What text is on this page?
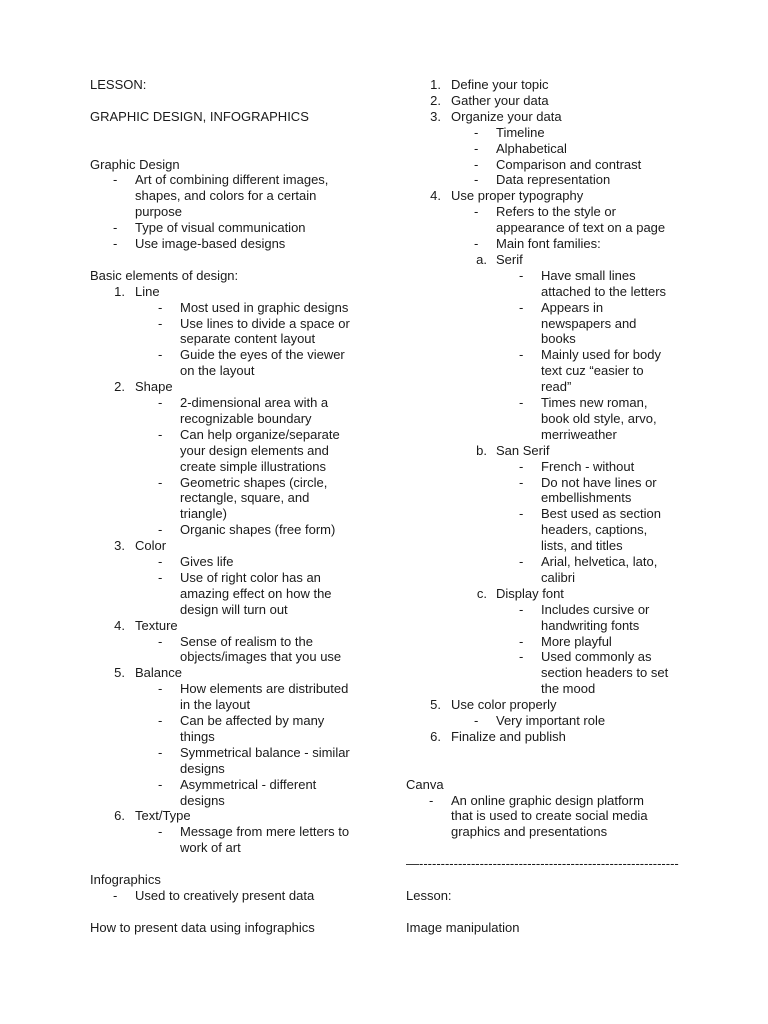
LESSON:
GRAPHIC DESIGN, INFOGRAPHICS
Graphic Design
- Art of combining different images,
shapes, and colors for a certain
purpose
- Type of visual communication
- Use image-based designs
Basic elements of design:
1. Line
- Most used in graphic designs
- Use lines to divide a space or
separate content layout
- Guide the eyes of the viewer
on the layout
2. Shape
- 2-dimensional area with a
recognizable boundary
- Can help organize/separate
your design elements and
create simple illustrations
- Geometric shapes (circle,
rectangle, square, and
triangle)
- Organic shapes (free form)
3. Color
- Gives life
- Use of right color has an
amazing effect on how the
design will turn out
4. Texture
- Sense of realism to the
objects/images that you use
5. Balance
- How elements are distributed
in the layout
- Can be affected by many
things
- Symmetrical balance - similar
designs
- Asymmetrical - different
designs
6. Text/Type
- Message from mere letters to
work of art
Infographics
- Used to creatively present data
How to present data using infographics
1. Define your topic
2. Gather your data
3. Organize your data
- Timeline
- Alphabetical
- Comparison and contrast
- Data representation
4. Use proper typography
- Refers to the style or
appearance of text on a page
- Main font families:
a. Serif
- Have small lines
attached to the letters
- Appears in
newspapers and
books
- Mainly used for body
text cuz “easier to
read”
- Times new roman,
book old style, arvo,
merriweather
b. San Serif
- French - without
- Do not have lines or
embellishments
- Best used as section
headers, captions,
lists, and titles
- Arial, helvetica, lato,
calibri
c. Display font
- Includes cursive or
handwriting fonts
- More playful
- Used commonly as
section headers to set
the mood
5. Use color properly
- Very important role
6. Finalize and publish
Canva
- An online graphic design platform
that is used to create social media
graphics and presentations
—------------------------------------------------------------
Lesson:
Image manipulation
